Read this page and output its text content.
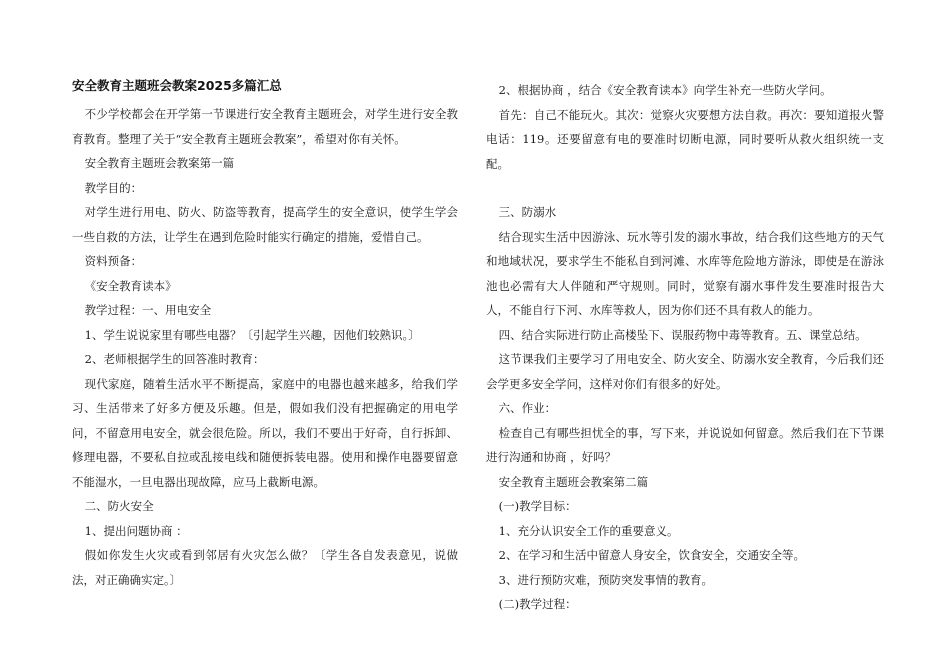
安全教育主题班会教案2025多篇汇总

不少学校都会在开学第一节课进行安全教育主题班会，对学生进行安全教育教育。整理了关于“安全教育主题班会教案”，希望对你有关怀。

安全教育主题班会教案第一篇

教学目的：

对学生进行用电、防火、防盗等教育，提高学生的安全意识，使学生学会一些自救的方法，让学生在遇到危险时能实行确定的措施，爱惜自己。

资料预备：

《安全教育读本》

教学过程：一、用电安全

1、学生说说家里有哪些电器？〔引起学生兴趣，因他们较熟识。〕

2、老师根据学生的回答准时教育：

现代家庭，随着生活水平不断提高，家庭中的电器也越来越多，给我们学习、生活带来了好多方便及乐趣。但是，假如我们没有把握确定的用电学问，不留意用电安全，就会很危险。所以，我们不要出于好奇，自行拆卸、修理电器，不要私自拉或乱接电线和随便拆装电器。使用和操作电器要留意不能湿水，一旦电器出现故障，应马上截断电源。

二、防火安全

1、提出问题协商 ：

假如你发生火灾或看到邻居有火灾怎么做？〔学生各自发表意见，说做法，对正确确实定。〕

2、根据协商 ，结合《安全教育读本》向学生补充一些防火学问。

首先：自己不能玩火。其次：觉察火灾要想方法自救。再次：要知道报火警电话：119。还要留意有电的要准时切断电源，同时要听从救火组织统一支配。

三、防溺水

结合现实生活中因游泳、玩水等引发的溺水事故，结合我们这些地方的天气和地域状况，要求学生不能私自到河滩、水库等危险地方游泳，即使是在游泳池也必需有大人伴随和严守规则。同时，觉察有溺水事件发生要准时报告大人，不能自行下河、水库等救人，因为你们还不具有救人的能力。

四、结合实际进行防止高楼坠下、误服药物中毒等教育。五、课堂总结。

这节课我们主要学习了用电安全、防火安全、防溺水安全教育，今后我们还会学更多安全学问，这样对你们有很多的好处。

六、作业：

检查自己有哪些担忧全的事，写下来，并说说如何留意。然后我们在下节课进行沟通和协商 ，好吗？

安全教育主题班会教案第二篇

(一)教学目标：

1、充分认识安全工作的重要意义。

2、在学习和生活中留意人身安全，饮食安全，交通安全等。

3、进行预防灾难，预防突发事情的教育。

(二)教学过程：
